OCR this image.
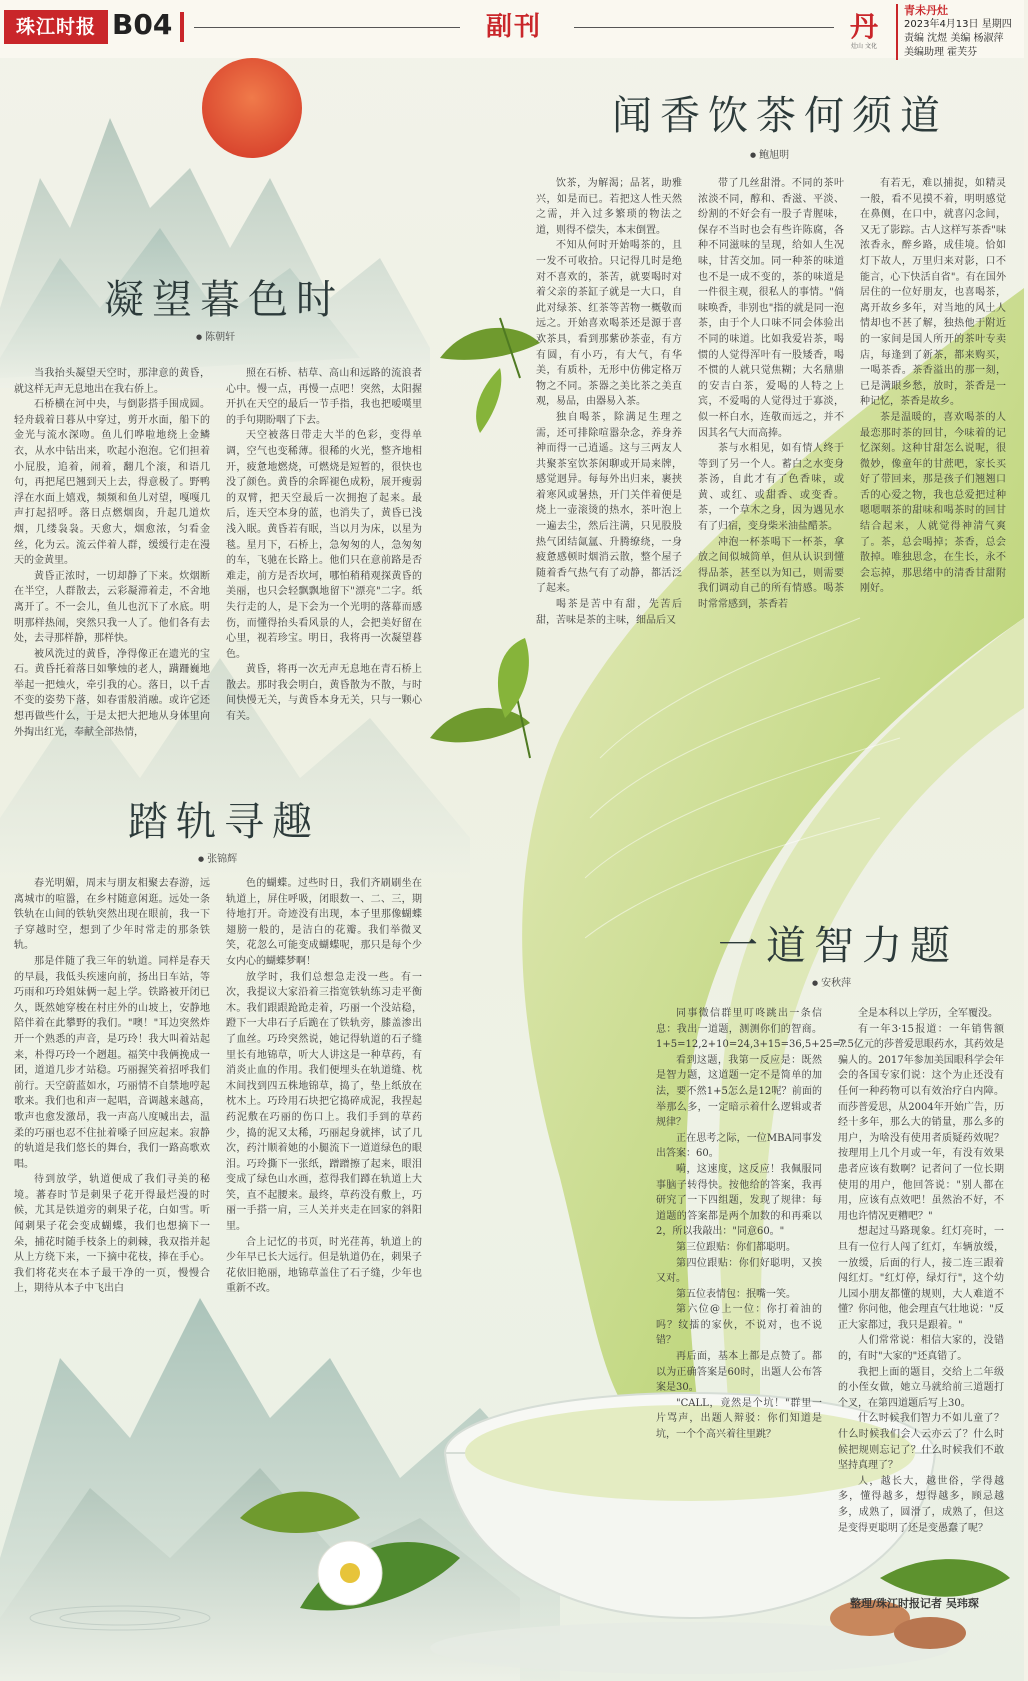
珠江时报 B04	副刊	丹
灶山 文化
青未丹灶
2023年4月13日 星期四
责编 沈煜 美编 杨淑萍
美编助理 霍芙芬
闻香饮茶何须道
● 鲍旭明

饮茶，为解渴；品茗，助雅兴，如是而已。若把这人性天然之需，并入过多繁琐的物法之道，则得不偿失，本末倒置。

不知从何时开始喝茶的，且一发不可收拾。只记得几时是绝对不喜欢的，茶苦，就要喝时对着父亲的茶缸子就是一大口，自此对绿茶、红茶等苦物一概敬而远之。开始喜欢喝茶还是源于喜欢茶具，看到那紫砂茶壶，有方有圆，有小巧，有大气，有华美，有质朴，无形中仿佛定格万物之不同。茶器之美比茶之美直观，易品，由器易入茶。

独自喝茶，除满足生理之需，还可排除喧嚣杂念，养身养神而得一己逍遥。这与三两友人共聚茶室饮茶闲聊或开局来牌，感觉迥异。每每外出归来，裹挟着寒风或暑热，开门关伴着便是烧上一壶滚烫的热水，茶叶泡上一遍去尘，然后注满，只见股股热气团结氤氲、升腾缭绕，一身疲惫感顿时烟消云散，整个屋子随着香气热气有了动静，都活泛了起来。

喝茶是苦中有甜，先苦后甜，苦味是茶的主味，细品后又

带了几丝甜滑。不同的茶叶浓淡不同，醇和、香滋、平淡、纷割的不好会有一股子青腥味，保存不当时也会有些许陈腐，各种不同滋味的呈现，给如人生况味，甘苦交加。同一种茶的味道也不是一成不变的，茶的味道是一件很主观，很私人的事情。"倘味唤香，非别也"指的就是同一泡茶，由于个人口味不同会体验出不同的味道。比如我爱岩茶，喝惯的人觉得浑叶有一股矮香，喝不惯的人就只觉焦糊；大名鼎鼎的安吉白茶，爱喝的人特之上宾，不爱喝的人觉得过于寡淡，似一杯白水，连敬而远之，并不因其名气大而高捧。

茶与水相见，如有情人终于等到了另一个人。蓄白之水变身茶汤，自此才有了色香味，或黄、或红、或甜香、或变香。茶，一个草木之身，因为遇见水有了归宿，变身柴米油盐醋茶。

冲泡一杯茶喝下一杯茶，拿放之间似城筒单，但从认识到懂得品茶，甚至以为知己，则需要我们调动自己的所有情感。喝茶时常常感到，茶香若

有若无，难以捕捉，如精灵一般，看不见摸不着，明明感觉在鼻侧，在口中，就喜闪念间，又无了影踪。古人这样写茶香"味浓香永，醉乡路，成佳境。恰如灯下故人，万里归来对影，口不能言，心下快活自省"。有在国外居住的一位好朋友，也喜喝茶，离开故乡多年，对当地的风土人情却也不甚了解，独热他于附近的一家间是国人所开的茶叶专卖店，每逢到了新茶，都来购买，一喝茶香。茶香溢出的那一刻，已是满眼乡愁，放时，茶香是一种记忆，茶香是故乡。

茶是温暖的，喜欢喝茶的人最恋那时茶的回甘，今味着的记忆深刻。这种甘甜怎么说呢，很微妙，像童年的甘蔗吧，家长买好了带回来，那是孩子们翘翘口舌的心爱之物，我也总爱把过种嗯嗯咽茶的甜味和喝茶时的回甘结合起来，人就觉得神清气爽了。茶，总会喝掉；茶香，总会散掉。唯独思念，在生长，永不会忘掉，那思绪中的清香甘甜附刚好。

凝望暮色时
● 陈朝轩

当我抬头凝望天空时，那津意的黄昏，就这样无声无息地出在我右侨上。

石桥横在河中央，与倒影搭手围成圆。轻舟载着日暮从中穿过，剪开水面，船下的金光与流水深吻。鱼儿们哗啦地绕上金鳞衣，从水中钻出来，吹起小泡泡。它们担着小屁股，追着，闹着，翻几个滚，和语几句，再把尾巴翘到天上去，得意极了。野鸭浮在水面上嬉戏，频频和鱼儿对望，嘎嘎几声打起招呼。落日点燃烟囱，升起几道炊烟，几缕袅袅。天愈大，烟愈浓，匀看金丝，化为云。流云伴着人群，缓缓行走在漫天的金黄里。

黄昏正浓时，一切却静了下来。炊烟断在半空，人群散去，云彩凝滞着走，不舍地离开了。不一会儿，鱼儿也沉下了水底。明明那样热闹，突然只我一人了。他们各有去处，去寻那样静，那样快。

被风洗过的黄昏，净得像正在遗光的宝石。黄昏托着落日如擎烛的老人，蹒跚巍地举起一把烛火，牵引我的心。落日，以千古不变的姿势下落，如春雷般消融。或许它还想再做些什么，于是太把大把地从身体里向外掏出红光，奉献全部热情，

照在石桥、桔草、高山和远路的流浪者心中。慢一点，再慢一点吧！突然，太阳握开扒在天空的最后一节手指，我也把嗳嘆里的手句期盼咽了下去。

天空被落日带走大半的色彩，变得单调，空气也变稀薄。很稀的火光，整齐地相开，疲惫地燃烧，可燃烧是短暂的，很快也没了颜色。黄昏的余晖褪色成粉，展开瘦弱的双臂，把天空最后一次拥抱了起来。最后，连天空本身的蓝，也消失了，黄昏已浅浅入眠。黄昏若有眠，当以月为床，以星为毯。星月下，石桥上，急匆匆的人，急匆匆的车，飞驰在长路上。他们只在意前路是否难走，前方是否坎坷，哪怕稍稍观探黄昏的美丽，也只会轻飘飘地留下"漂亮"二字。纸失行走的人，是下会为一个光明的落幕而感伤，而懂得抬头看风景的人，会把美好留在心里，视若珍宝。明日，我将再一次凝望暮色。

黄昏，将再一次无声无息地在青石桥上散去。那时我会明白，黄昏散为不散，与时间快慢无关，与黄昏本身无关，只与一颗心有关。

踏轨寻趣
● 张锦辉

春光明媚，周末与朋友相聚去春游，远离城市的喧嚣，在乡村随意闲逛。远处一条铁轨在山间的铁轨突然出现在眼前，我一下子穿越时空，想到了少年时常走的那条铁轨。

那是伴随了我三年的轨道。同样是春天的早晨，我低头疾速向前，扬出日车站，等巧雨和巧玲姐妹俩一起上学。铁路被开闭已久，既然她穿梭在村庄外的山坡上，安静地陪伴着在此攀野的我们。"噢！"耳边突然炸开一个熟悉的声音，是巧玲！我大叫着站起来，朴得巧玲一个趔趄。福笑中我俩挽成一团，道道几步才站稳。巧丽握笑着招呼我们前行。天空蔚蓝如水，巧丽情不自禁地哼起歌来。我们也和声一起唱，音调越来越高，歌声也愈发激昂，我一声高八度喊出去，温柔的巧丽也忍不住扯着嗓子回应起来。寂静的轨道是我们悠长的舞台，我们一路高歌欢唱。

待到放学，轨道便成了我们寻美的秘境。蕃春时节是刺果子花开得最烂漫的时候，尤其是铁道旁的刺果子花，白如雪。听闻刺果子花会变成蝴蝶，我们也想摘下一朵，捕花时随手枝条上的刺棘，我双指并起从上方绕下来，一下摘中花枝，捧在手心。我们将花夹在本子最干净的一页，慢慢合上，期待从本子中飞出白

色的蝴蝶。过些时日，我们齐刷刷坐在轨道上，屏住呼吸，闭眼数一、二、三，期待地打开。奇迹没有出现，本子里那像蝴蝶翅膀一般的，是洁白的花瓣。我们举微叉笑，花忽么可能变成蝴蝶呢，那只是每个少女内心的蝴蝶梦啊！

放学时，我们总想急走没一些。有一次，我提议大家沿着三指宽铁轨练习走平衡木。我们跟跟跄跄走着，巧丽一个没站稳，蹬下一大串石子后跪在了铁轨旁，膝盖渗出了血丝。巧玲突然说，她记得轨道的石子缝里长有地锦草，听大人讲这是一种草药，有消炎止血的作用。我们便埋头在轨道缝、枕木间找到四五株地锦草，捣了，垫上纸放在枕木上。巧玲用石块把它捣碎成泥，我捏起药泥敷在巧丽的伤口上。我们手到的草药少，捣的泥又太稀，巧丽起身就摔，试了几次，药汁顺着她的小腿流下一道道绿色的眼泪。巧玲撕下一张纸，蹭蹭擦了起来，眼泪变成了绿色山水画，惹得我们蹲在轨道上大笑，直不起腰来。最终，草药没有敷上，巧丽一手搭一肩，三人关并夹走在回家的斜阳里。

合上记忆的书页，时光荏苒，轨道上的少年早已长大远行。但是轨道仍在，刺果子花依旧艳丽，地锦草盖住了石子缝，少年也重新不改。

一道智力题
● 安秋萍

同事微信群里叮咚跳出一条信息：我出一道题，测测你们的智商。1+5=12,2+10=24,3+15=36,5+25=?

看到这题，我第一反应是：既然是智力题，这道题一定不是简单的加法，要不然1+5怎么是12呢？前面的举那么多，一定暗示着什么逻辑或者规律？

正在思考之际，一位MBA同事发出答案：60。

嗬，这速度，这反应！我佩服同事脑子转得快。按他给的答案，我再研究了一下四组题，发现了规律：每道题的答案都是两个加数的和再乘以2，所以我敲出："同意60。"

第三位跟贴：你们都聪明。

第四位跟贴：你们好聪明，又挨又对。

第五位表情包：抿嘴一笑。

第六位@上一位：你打着油的吗？纹擂的家伙，不说对，也不说错？

再后面，基本上都是点赞了。都以为正确答案是60时，出题人公布答案是30。

"CALL，竟然是个坑！"群里一片骂声，出题人辩驳：你们知道是坑，一个个高兴着往里跳？

全是本科以上学历，全军覆没。

有一年3·15报道：一年销售额7.5亿元的莎普爱思眼药水，其药效是骗人的。2017年参加美国眼科学会年会的各国专家们说：这个为止还没有任何一种药物可以有效治疗白内障。而莎普爱思，从2004年开始广告，历经十多年，那么大的销量，那么多的用户，为啥没有使用者质疑药效呢？按理用上几个月或一年，有没有效果患者应该有数啊？记者问了一位长期使用的用户，他回答说："别人都在用，应该有点效吧！虽然治不好，不用也许情况更糟吧？"

想起过马路现象。红灯亮时，一旦有一位行人闯了红灯，车辆放缓，一放缓，后面的行人，接二连三跟着闯红灯。"红灯停，绿灯行"，这个幼儿园小朋友都懂的规则，大人难道不懂？你问他，他会理直气壮地说："反正大家都过，我只是跟着。"

人们常常说：相信大家的，没错的，有时"大家的"还真错了。

我把上面的题目，交给上二年级的小侄女做，她立马就给前三道题打个叉，在第四道题后写上30。

什么时候我们智力不如儿童了？什么时候我们会人云亦云了？什么时候把规则忘记了？什么时候我们不敢坚持真理了？

人，越长大，越世俗，学得越多，懂得越多，想得越多，顾忌越多，成熟了，圆滑了，成熟了，但这是变得更聪明了还是变愚蠢了呢？

整理/珠江时报记者 吴玮琛
